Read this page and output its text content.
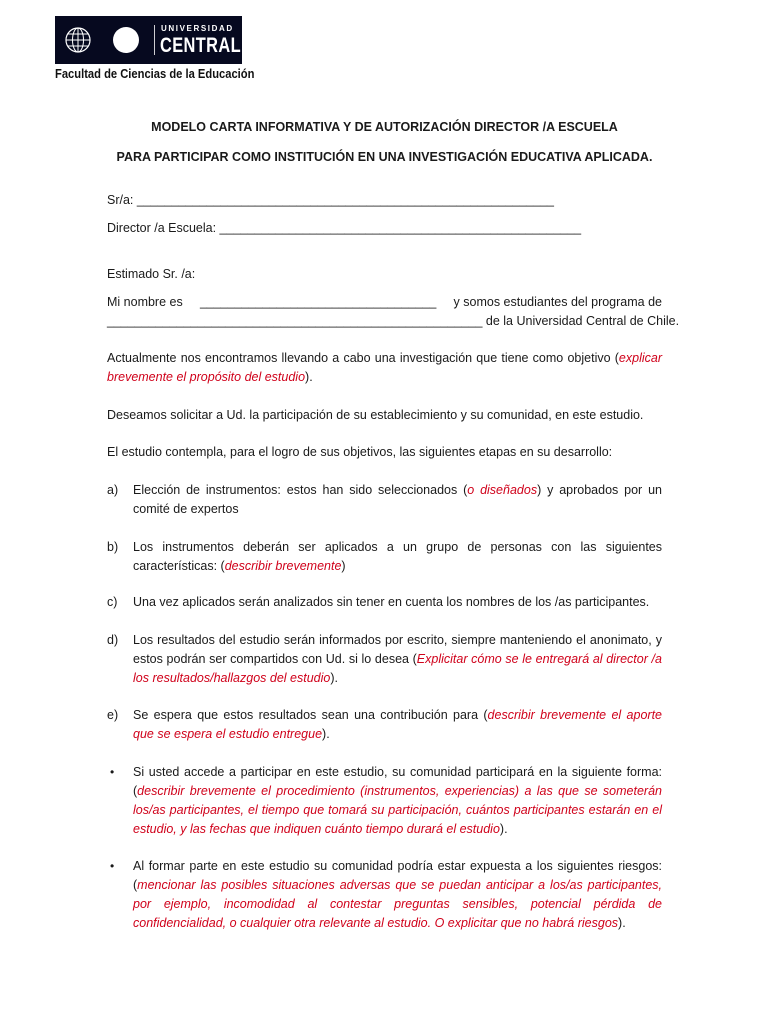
UNIVERSIDAD
CENTRAL
Facultad de Ciencias de la Educación

MODELO CARTA INFORMATIVA Y DE AUTORIZACIÓN DIRECTOR /A ESCUELA

PARA PARTICIPAR COMO INSTITUCIÓN EN UNA INVESTIGACIÓN EDUCATIVA APLICADA.

Sr/a: ____________________________________________________________
Director /a Escuela: ____________________________________________________
Estimado Sr. /a:
Mi nombre es __________________________________ y somos estudiantes del programa de
______________________________________________________ de la Universidad Central de Chile.
Actualmente nos encontramos llevando a cabo una investigación que tiene como objetivo (explicar brevemente el propósito del estudio).
Deseamos solicitar a Ud. la participación de su establecimiento y su comunidad, en este estudio.
El estudio contempla, para el logro de sus objetivos, las siguientes etapas en su desarrollo:
a)	Elección de instrumentos: estos han sido seleccionados (o diseñados) y aprobados por un comité de expertos
b)	Los instrumentos deberán ser aplicados a un grupo de personas con las siguientes características: (describir brevemente)
c)	Una vez aplicados serán analizados sin tener en cuenta los nombres de los /as participantes.
d)	Los resultados del estudio serán informados por escrito, siempre manteniendo el anonimato, y estos podrán ser compartidos con Ud. si lo desea (Explicitar cómo se le entregará al director /a los resultados/hallazgos del estudio).
e)	Se espera que estos resultados sean una contribución para (describir brevemente el aporte que se espera el estudio entregue).
• Si usted accede a participar en este estudio, su comunidad participará en la siguiente forma: (describir brevemente el procedimiento (instrumentos, experiencias) a las que se someterán los/as participantes, el tiempo que tomará su participación, cuántos participantes estarán en el estudio, y las fechas que indiquen cuánto tiempo durará el estudio).
• Al formar parte en este estudio su comunidad podría estar expuesta a los siguientes riesgos: (mencionar las posibles situaciones adversas que se puedan anticipar a los/as participantes, por ejemplo, incomodidad al contestar preguntas sensibles, potencial pérdida de confidencialidad, o cualquier otra relevante al estudio. O explicitar que no habrá riesgos).
